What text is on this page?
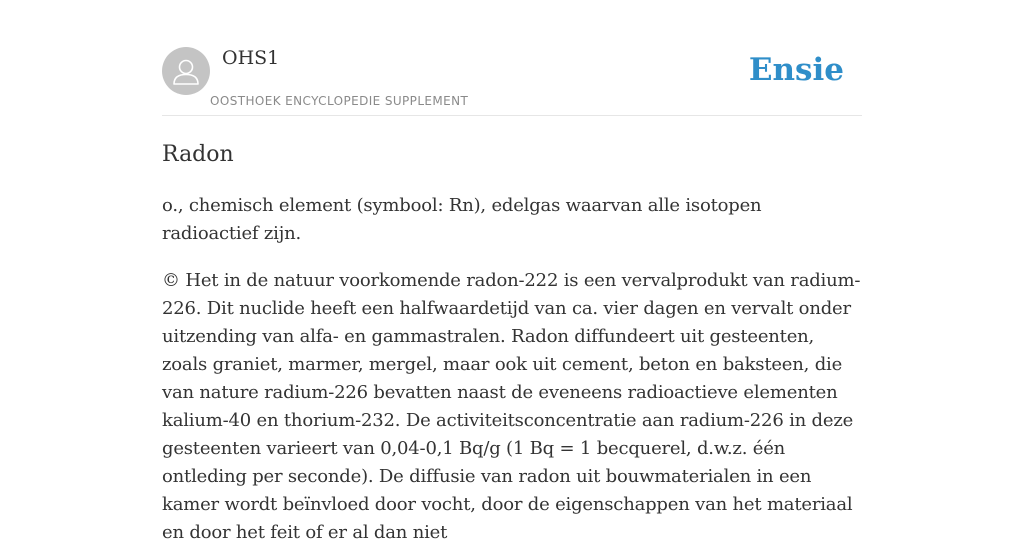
OHS1
OOSTHOEK ENCYCLOPEDIE SUPPLEMENT
Ensie
Radon

o., chemisch element (symbool: Rn), edelgas waarvan alle isotopen radioactief zijn.

© Het in de natuur voorkomende radon-222 is een vervalprodukt van radium-226. Dit nuclide heeft een halfwaardetijd van ca. vier dagen en vervalt onder uitzending van alfa- en gammastralen. Radon diffundeert uit gesteenten, zoals graniet, marmer, mergel, maar ook uit cement, beton en baksteen, die van nature radium-226 bevatten naast de eveneens radioactieve elementen kalium-40 en thorium-232. De activiteitsconcentratie aan radium-226 in deze gesteenten varieert van 0,04-0,1 Bq/g (1 Bq = 1 becquerel, d.w.z. één ontleding per seconde). De diffusie van radon uit bouwmaterialen in een kamer wordt beïnvloed door vocht, door de eigenschappen van het materiaal en door het feit of er al dan niet
